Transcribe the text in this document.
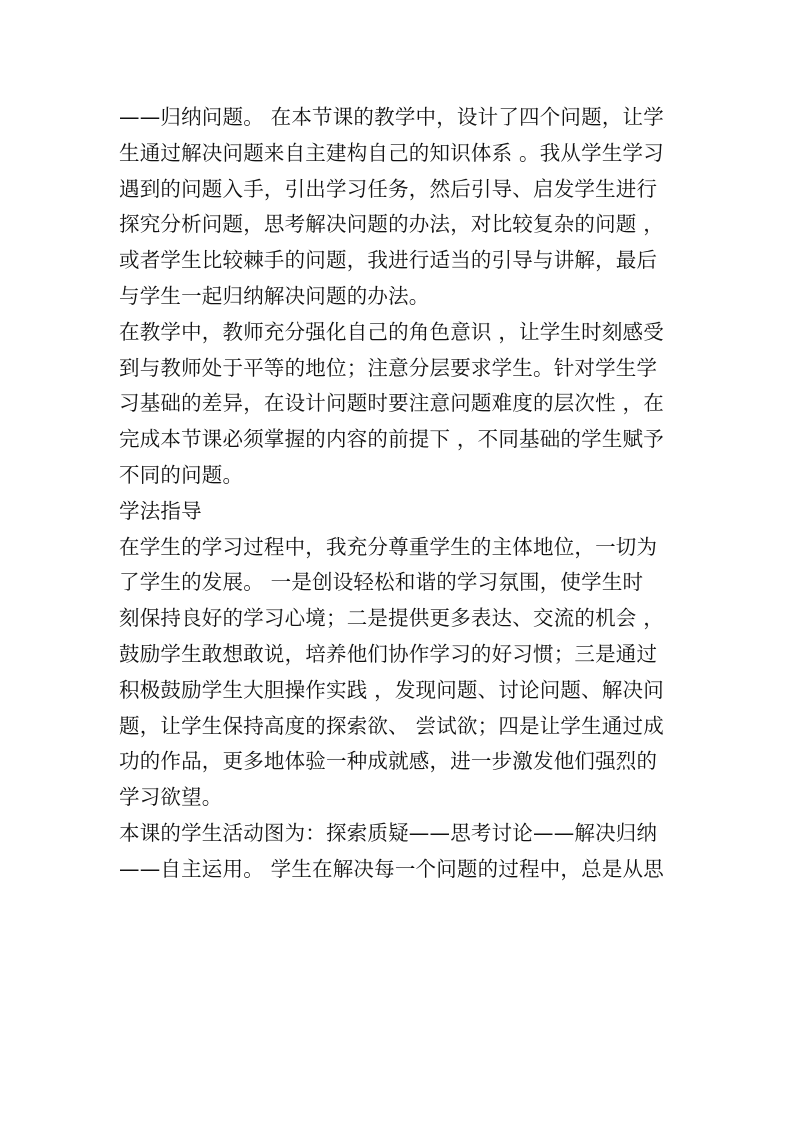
——归纳问题。 在本节课的教学中，设计了四个问题，让学
生通过解决问题来自主建构自己的知识体系 。我从学生学习
遇到的问题入手，引出学习任务，然后引导、启发学生进行
探究分析问题，思考解决问题的办法，对比较复杂的问题 ，
或者学生比较棘手的问题，我进行适当的引导与讲解，最后
与学生一起归纳解决问题的办法。
在教学中，教师充分强化自己的角色意识 ，让学生时刻感受
到与教师处于平等的地位；注意分层要求学生。针对学生学
习基础的差异，在设计问题时要注意问题难度的层次性 ，在
完成本节课必须掌握的内容的前提下 ，不同基础的学生赋予
不同的问题。
学法指导
在学生的学习过程中，我充分尊重学生的主体地位，一切为
了学生的发展。 一是创设轻松和谐的学习氛围，使学生时
刻保持良好的学习心境；二是提供更多表达、交流的机会 ，
鼓励学生敢想敢说，培养他们协作学习的好习惯；三是通过
积极鼓励学生大胆操作实践 ，发现问题、讨论问题、解决问
题，让学生保持高度的探索欲、 尝试欲；四是让学生通过成
功的作品，更多地体验一种成就感，进一步激发他们强烈的
学习欲望。
本课的学生活动图为：探索质疑——思考讨论——解决归纳
——自主运用。 学生在解决每一个问题的过程中，总是从思
